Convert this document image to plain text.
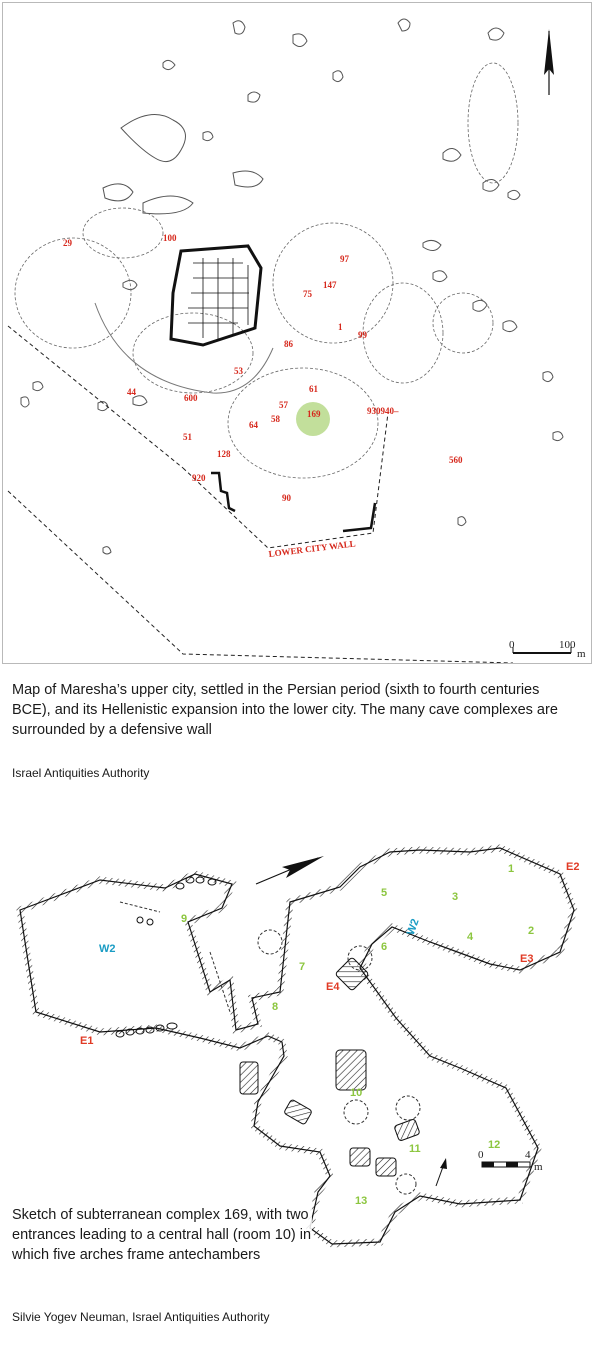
29	100
97
147
75
1
99
86
53
61
600
44
57
169	930940–
64
58
51
128
560
920
90
LOWER CITY WALL
0	100
m
Map of Maresha’s upper city, settled in the Persian period (sixth to fourth centuries BCE), and its Hellenistic expansion into the lower city. The many cave complexes are surrounded by a defensive wall
Israel Antiquities Authority
1
2
3
4
5
6
7
8
9
10
11	12
13
W2
W2
E1
E2
E3
E4
0	4
m
Sketch of subterranean complex 169, with two entrances leading to a central hall (room 10) in which five arches frame antechambers
Silvie Yogev Neuman, Israel Antiquities Authority
